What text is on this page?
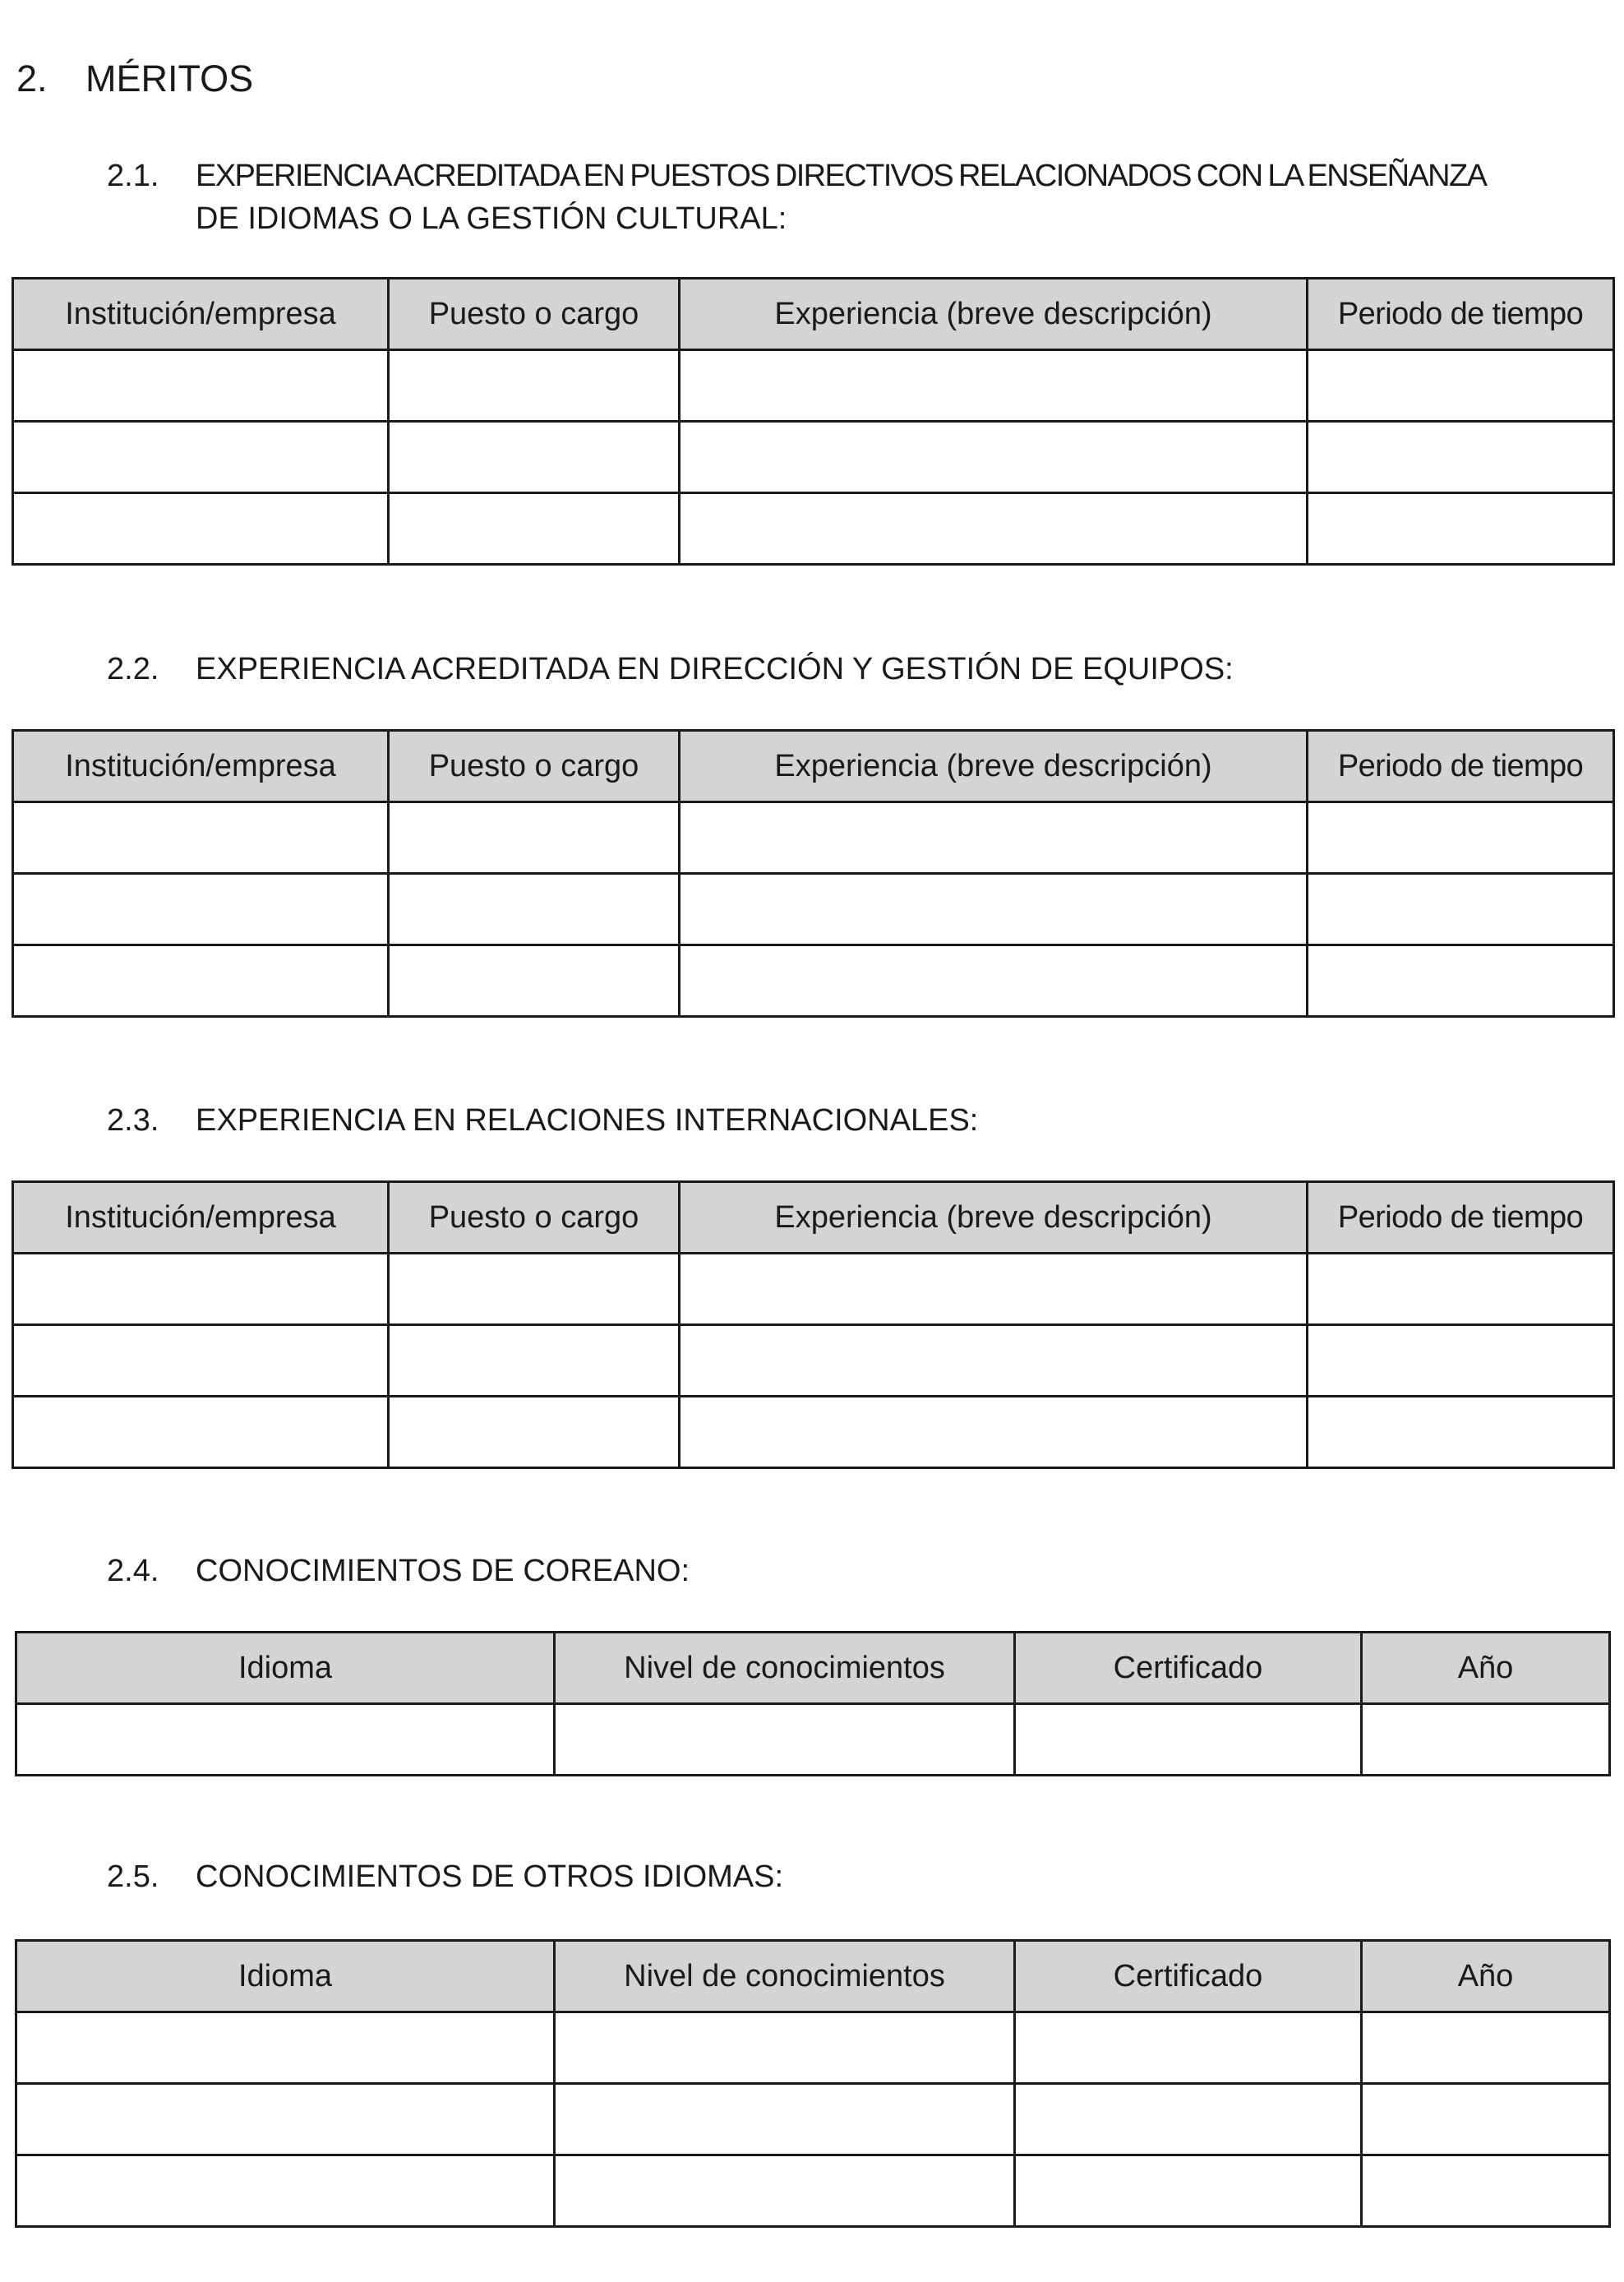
2. MÉRITOS
2.1. EXPERIENCIA ACREDITADA EN PUESTOS DIRECTIVOS RELACIONADOS CON LA ENSEÑANZA
DE IDIOMAS O LA GESTIÓN CULTURAL:
Institución/empresa	Puesto o cargo	Experiencia (breve descripción)	Periodo de tiempo

2.2. EXPERIENCIA ACREDITADA EN DIRECCIÓN Y GESTIÓN DE EQUIPOS:
Institución/empresa	Puesto o cargo	Experiencia (breve descripción)	Periodo de tiempo

2.3. EXPERIENCIA EN RELACIONES INTERNACIONALES:
Institución/empresa	Puesto o cargo	Experiencia (breve descripción)	Periodo de tiempo

2.4. CONOCIMIENTOS DE COREANO:
Idioma	Nivel de conocimientos	Certificado	Año

2.5. CONOCIMIENTOS DE OTROS IDIOMAS:
Idioma	Nivel de conocimientos	Certificado	Año
